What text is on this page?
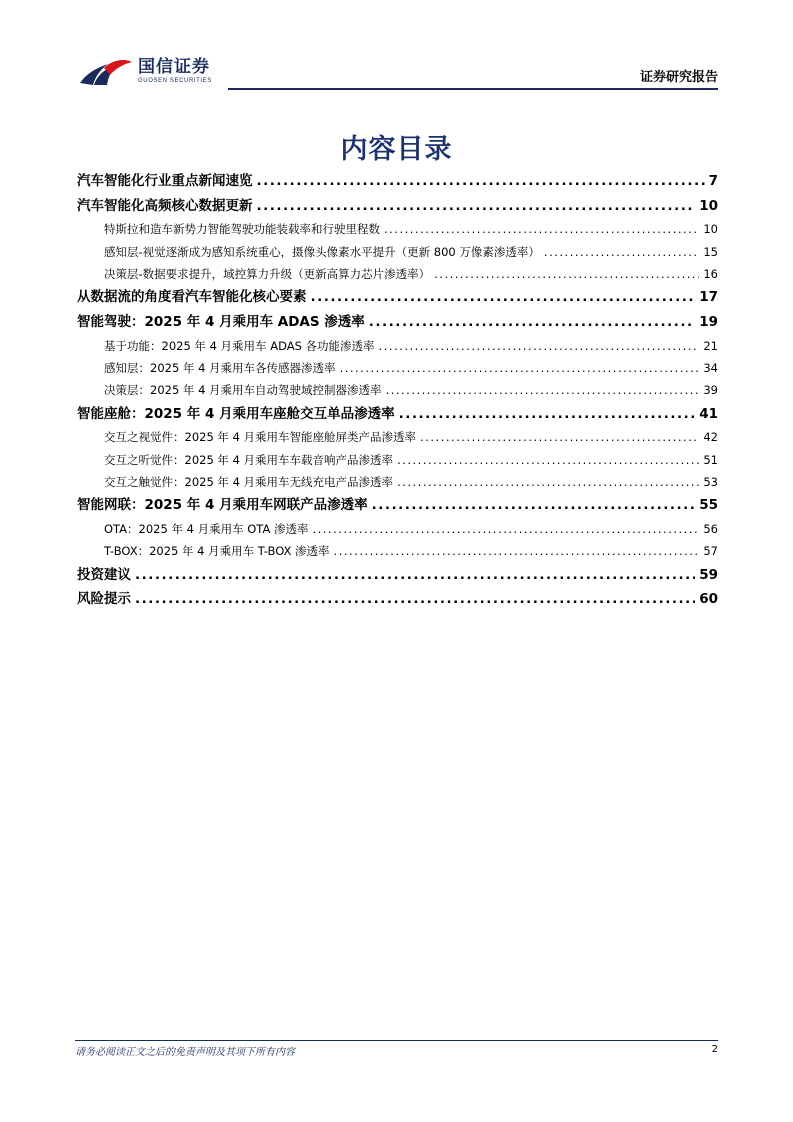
国信证券
GUOSEN SECURITIES	证券研究报告
内容目录
汽车智能化行业重点新闻速览 .....	7
汽车智能化高频核心数据更新 .....	10
特斯拉和造车新势力智能驾驶功能装载率和行驶里程数 .....	10
感知层-视觉逐渐成为感知系统重心，摄像头像素水平提升（更新 800 万像素渗透率） .....	15
决策层-数据要求提升，域控算力升级（更新高算力芯片渗透率） .....	16
从数据流的角度看汽车智能化核心要素 .....	17
智能驾驶：2025 年 4 月乘用车 ADAS 渗透率 .....	19
基于功能：2025 年 4 月乘用车 ADAS 各功能渗透率 .....	21
感知层：2025 年 4 月乘用车各传感器渗透率 .....	34
决策层：2025 年 4 月乘用车自动驾驶域控制器渗透率 .....	39
智能座舱：2025 年 4 月乘用车座舱交互单品渗透率 .....	41
交互之视觉件：2025 年 4 月乘用车智能座舱屏类产品渗透率 .....	42
交互之听觉件：2025 年 4 月乘用车车载音响产品渗透率 .....	51
交互之触觉件：2025 年 4 月乘用车无线充电产品渗透率 .....	53
智能网联：2025 年 4 月乘用车网联产品渗透率 .....	55
OTA：2025 年 4 月乘用车 OTA 渗透率 .....	56
T-BOX：2025 年 4 月乘用车 T-BOX 渗透率 .....	57
投资建议 .....	59
风险提示 .....	60
请务必阅读正文之后的免责声明及其项下所有内容	2
